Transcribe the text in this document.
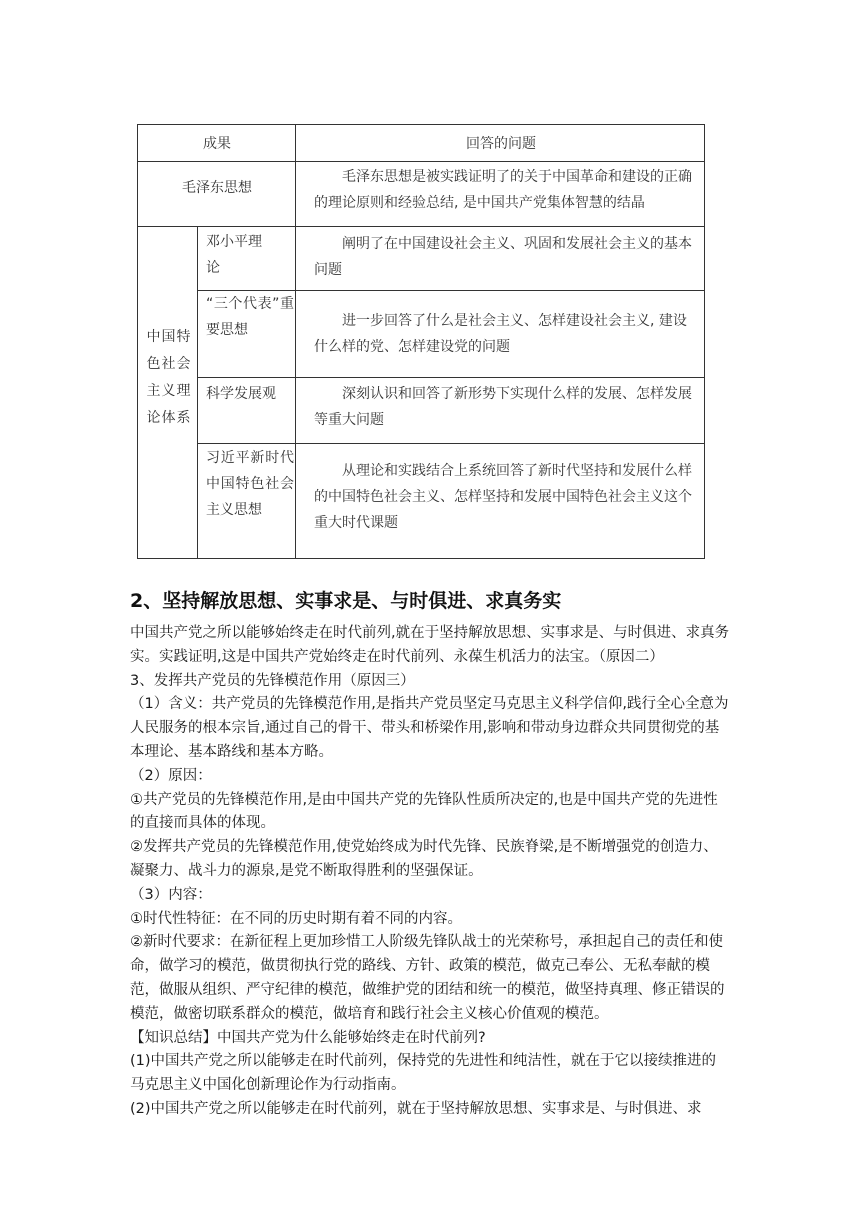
成果	回答的问题
毛泽东思想
毛泽东思想是被实践证明了的关于中国革命和建设的正确的理论原则和经验总结, 是中国共产党集体智慧的结晶
中国特色社会主义理论体系
邓小平理论
阐明了在中国建设社会主义、巩固和发展社会主义的基本问题
“三个代表”重要思想
进一步回答了什么是社会主义、怎样建设社会主义, 建设什么样的党、怎样建设党的问题
科学发展观	深刻认识和回答了新形势下实现什么样的发展、怎样发展等重大问题
习近平新时代中国特色社会主义思想
从理论和实践结合上系统回答了新时代坚持和发展什么样的中国特色社会主义、怎样坚持和发展中国特色社会主义这个重大时代课题
2、坚持解放思想、实事求是、与时俱进、求真务实

中国共产党之所以能够始终走在时代前列,就在于坚持解放思想、实事求是、与时俱进、求真务实。实践证明,这是中国共产党始终走在时代前列、永葆生机活力的法宝。（原因二）

3、发挥共产党员的先锋模范作用（原因三）

（1）含义：共产党员的先锋模范作用,是指共产党员坚定马克思主义科学信仰,践行全心全意为人民服务的根本宗旨,通过自己的骨干、带头和桥梁作用,影响和带动身边群众共同贯彻党的基本理论、基本路线和基本方略。

（2）原因：

①共产党员的先锋模范作用,是由中国共产党的先锋队性质所决定的,也是中国共产党的先进性的直接而具体的体现。

②发挥共产党员的先锋模范作用,使党始终成为时代先锋、民族脊梁,是不断增强党的创造力、凝聚力、战斗力的源泉,是党不断取得胜利的坚强保证。

（3）内容：

①时代性特征：在不同的历史时期有着不同的内容。

②新时代要求：在新征程上更加珍惜工人阶级先锋队战士的光荣称号，承担起自己的责任和使命，做学习的模范，做贯彻执行党的路线、方针、政策的模范，做克己奉公、无私奉献的模范，做服从组织、严守纪律的模范，做维护党的团结和统一的模范，做坚持真理、修正错误的模范，做密切联系群众的模范，做培育和践行社会主义核心价值观的模范。

【知识总结】中国共产党为什么能够始终走在时代前列?

(1)中国共产党之所以能够走在时代前列，保持党的先进性和纯洁性，就在于它以接续推进的马克思主义中国化创新理论作为行动指南。

(2)中国共产党之所以能够走在时代前列，就在于坚持解放思想、实事求是、与时俱进、求
